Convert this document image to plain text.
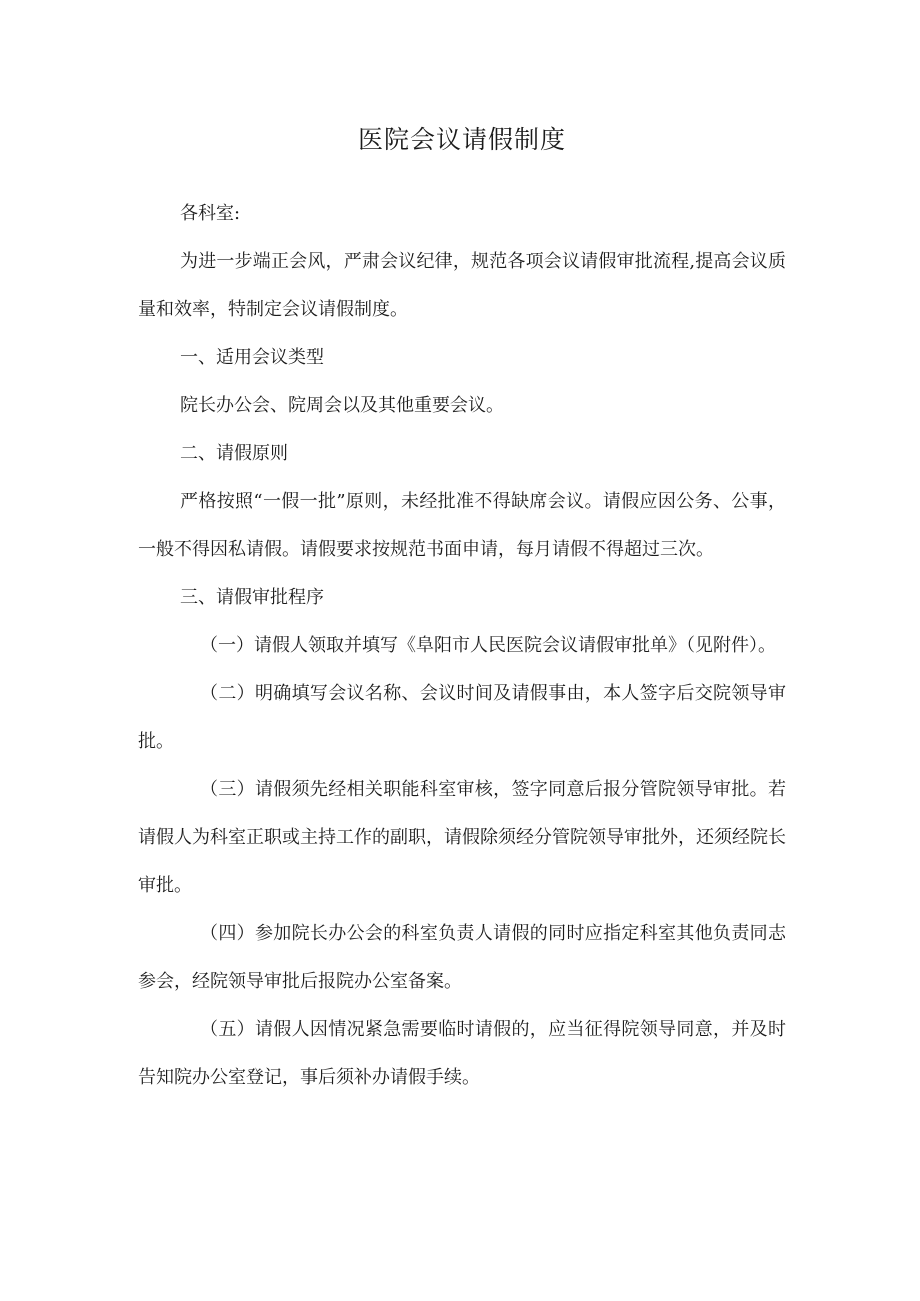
医院会议请假制度

各科室:

为进一步端正会风，严肃会议纪律，规范各项会议请假审批流程,提高会议质量和效率，特制定会议请假制度。

一、适用会议类型

院长办公会、院周会以及其他重要会议。

二、请假原则

严格按照“一假一批”原则，未经批准不得缺席会议。请假应因公务、公事，一般不得因私请假。请假要求按规范书面申请，每月请假不得超过三次。

三、请假审批程序

（一）请假人领取并填写《阜阳市人民医院会议请假审批单》（见附件）。

（二）明确填写会议名称、会议时间及请假事由，本人签字后交院领导审批。

（三）请假须先经相关职能科室审核，签字同意后报分管院领导审批。若请假人为科室正职或主持工作的副职，请假除须经分管院领导审批外，还须经院长审批。

（四）参加院长办公会的科室负责人请假的同时应指定科室其他负责同志参会，经院领导审批后报院办公室备案。

（五）请假人因情况紧急需要临时请假的，应当征得院领导同意，并及时告知院办公室登记，事后须补办请假手续。
